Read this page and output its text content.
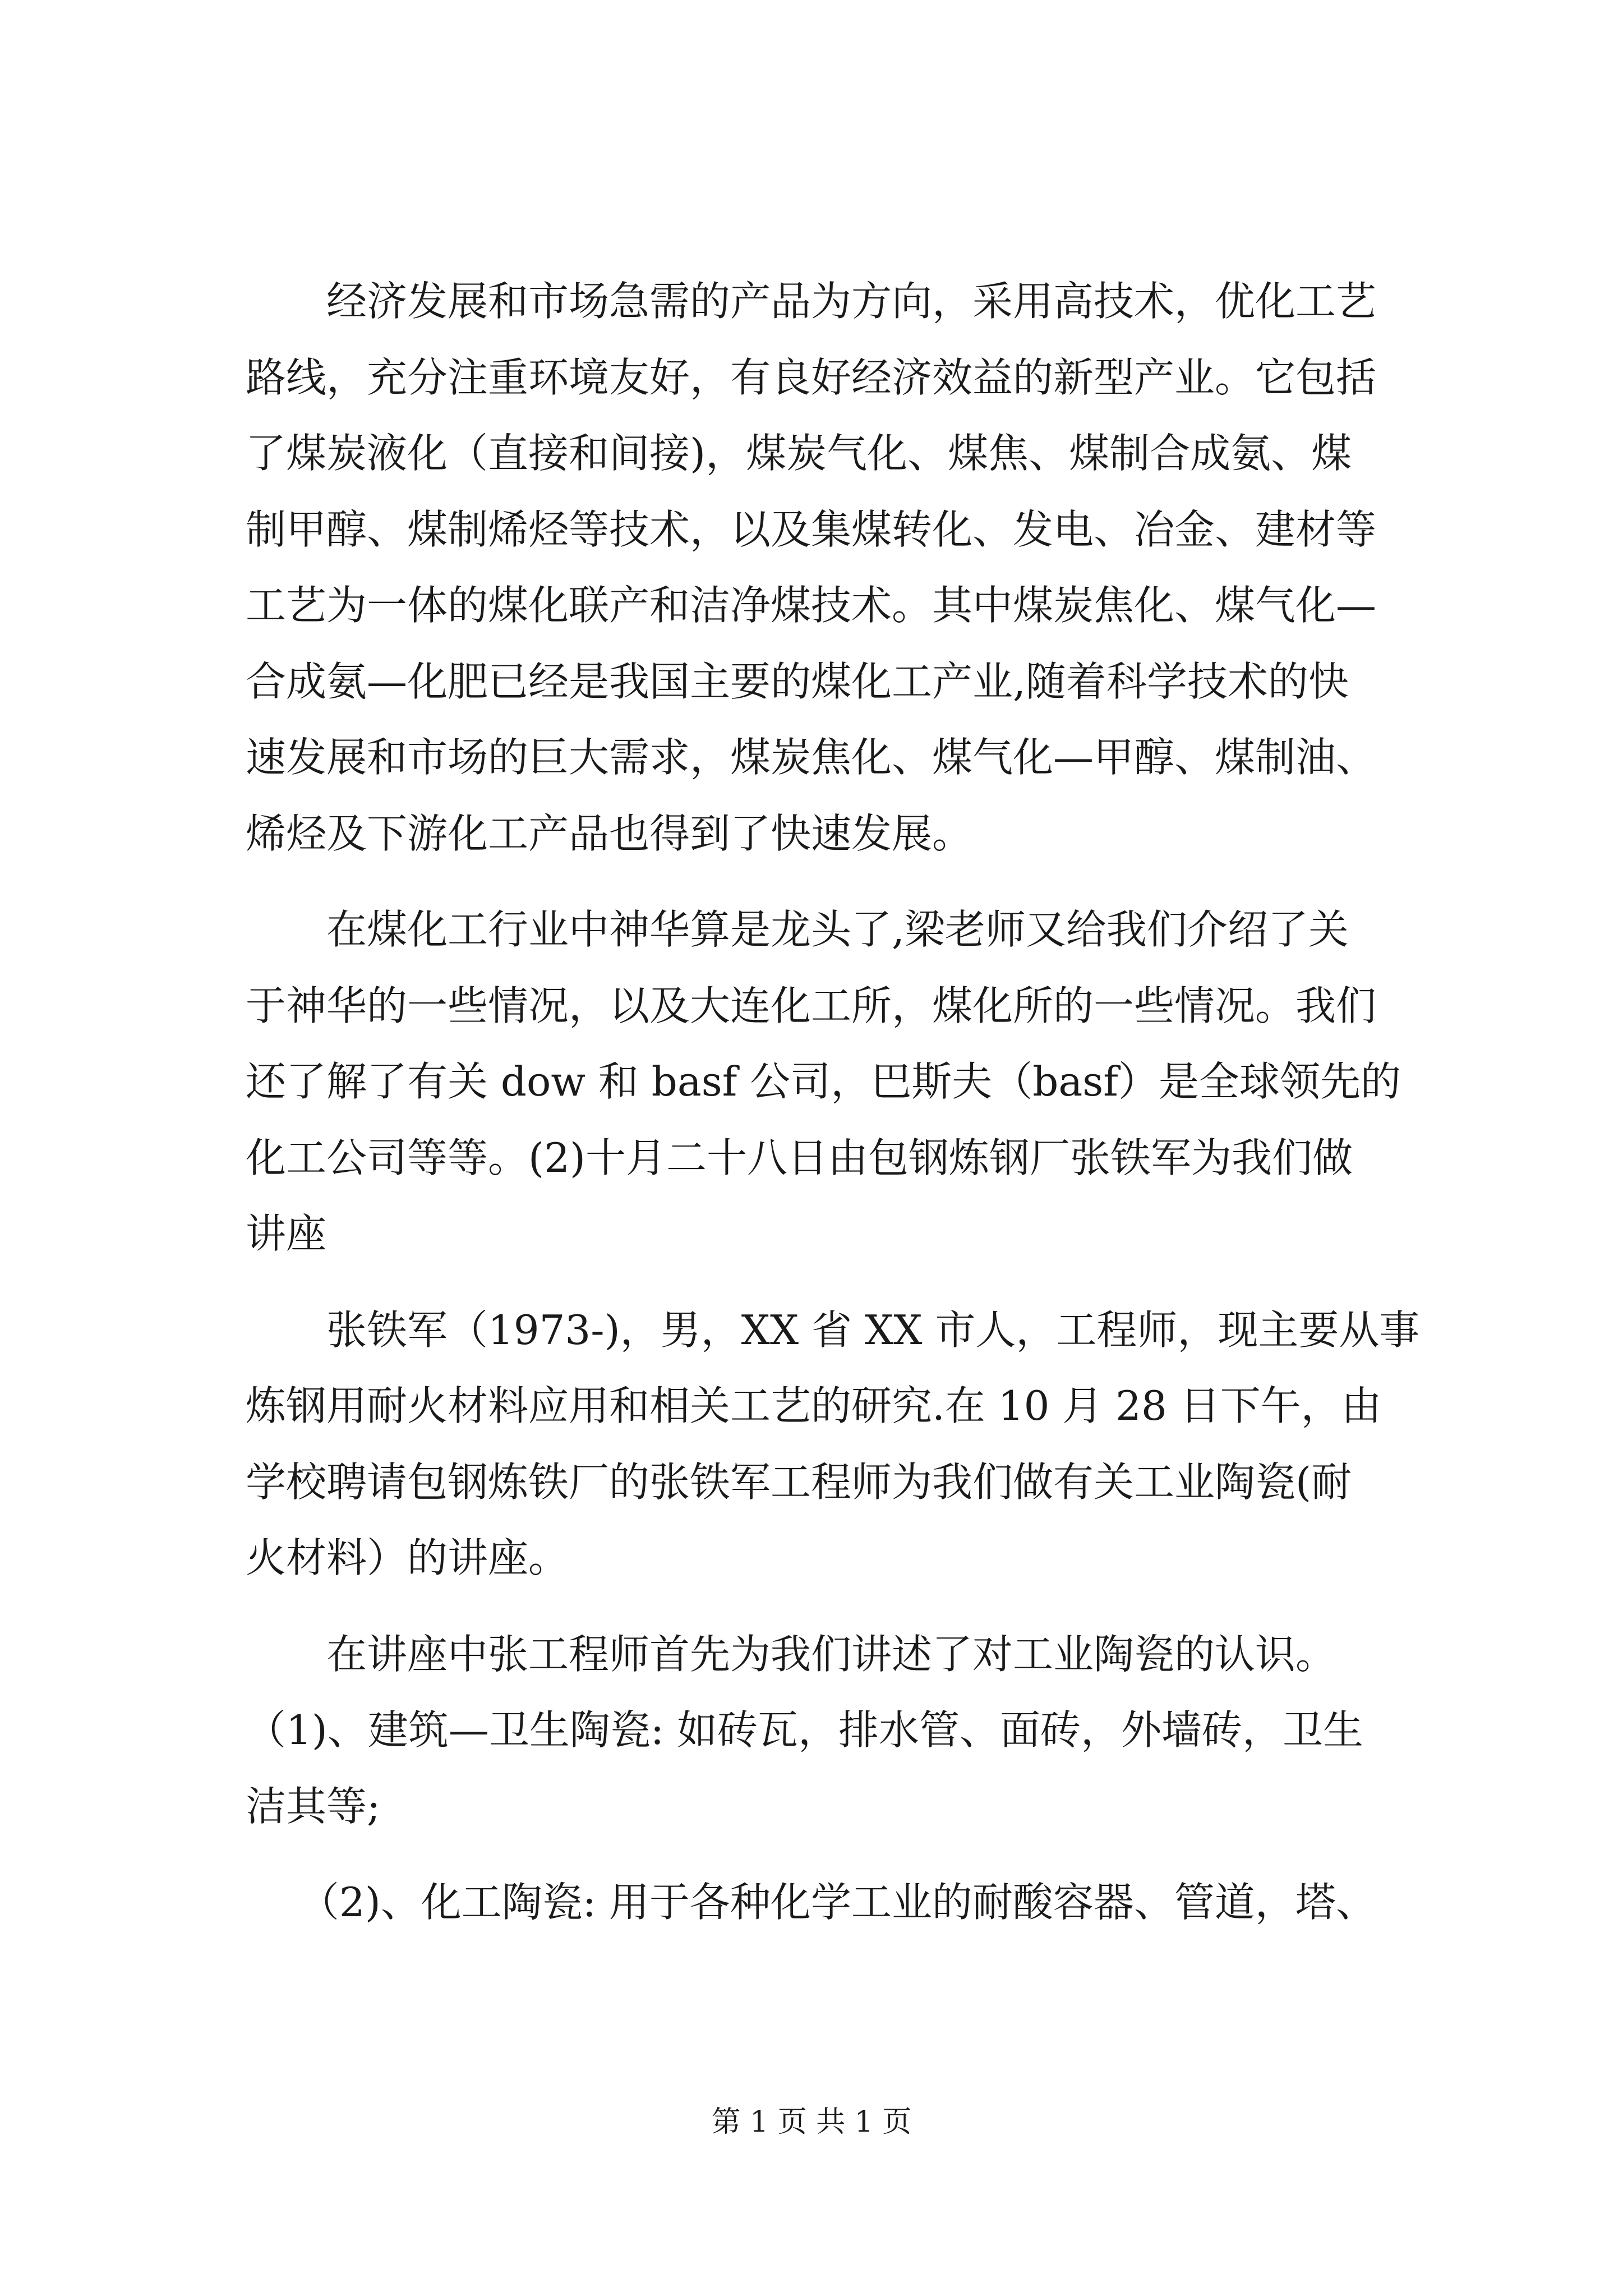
　　经济发展和市场急需的产品为方向，采用高技术，优化工艺
路线，充分注重环境友好，有良好经济效益的新型产业。它包括
了煤炭液化（直接和间接)，煤炭气化、煤焦、煤制合成氨、煤
制甲醇、煤制烯烃等技术，以及集煤转化、发电、冶金、建材等
工艺为一体的煤化联产和洁净煤技术。其中煤炭焦化、煤气化—
合成氨—化肥已经是我国主要的煤化工产业,随着科学技术的快
速发展和市场的巨大需求，煤炭焦化、煤气化—甲醇、煤制油、
烯烃及下游化工产品也得到了快速发展。
　　在煤化工行业中神华算是龙头了,梁老师又给我们介绍了关
于神华的一些情况，以及大连化工所，煤化所的一些情况。我们
还了解了有关 dow 和 basf 公司，巴斯夫（basf）是全球领先的
化工公司等等。(2)十月二十八日由包钢炼钢厂张铁军为我们做
讲座
　　张铁军（1973-)，男，XX 省 XX 市人，工程师，现主要从事
炼钢用耐火材料应用和相关工艺的研究.在 10 月 28 日下午，由
学校聘请包钢炼铁厂的张铁军工程师为我们做有关工业陶瓷(耐
火材料）的讲座。
　　在讲座中张工程师首先为我们讲述了对工业陶瓷的认识。
（1)、建筑—卫生陶瓷: 如砖瓦，排水管、面砖，外墙砖，卫生
洁其等;
　 （2)、化工陶瓷: 用于各种化学工业的耐酸容器、管道，塔、
第 1 页 共 1 页
